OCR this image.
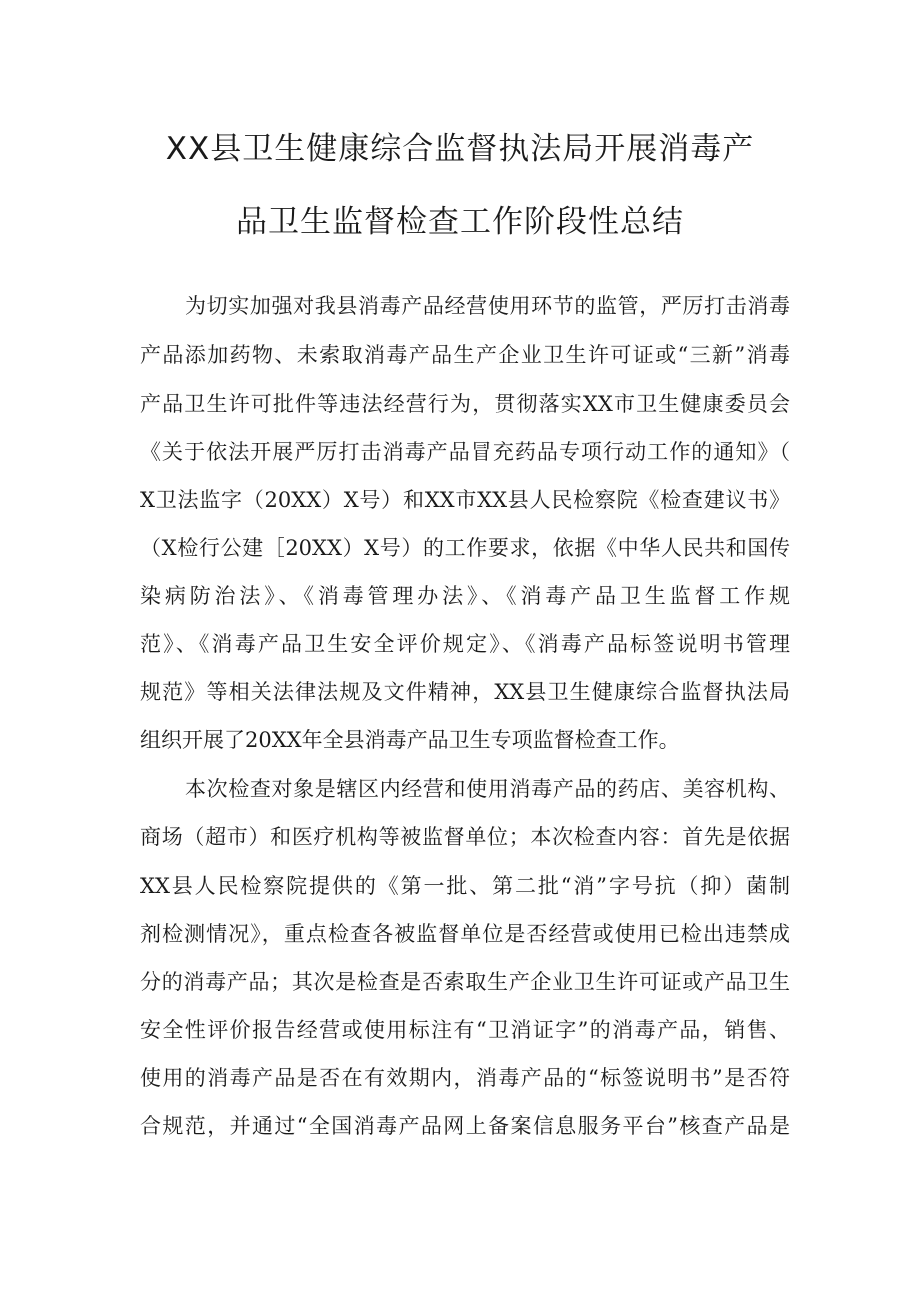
XX县卫生健康综合监督执法局开展消毒产
品卫生监督检查工作阶段性总结
为切实加强对我县消毒产品经营使用环节的监管，严厉打击消毒
产品添加药物、未索取消毒产品生产企业卫生许可证或“三新”消毒
产品卫生许可批件等违法经营行为，贯彻落实XX市卫生健康委员会
《关于依法开展严厉打击消毒产品冒充药品专项行动工作的通知》（
X卫法监字（20XX）X号）和XX市XX县人民检察院《检查建议书》
（X检行公建［20XX）X号）的工作要求，依据《中华人民共和国传
染病防治法》、《消毒管理办法》、《消毒产品卫生监督工作规
范》、《消毒产品卫生安全评价规定》、《消毒产品标签说明书管理
规范》等相关法律法规及文件精神，XX县卫生健康综合监督执法局
组织开展了20XX年全县消毒产品卫生专项监督检查工作。
本次检查对象是辖区内经营和使用消毒产品的药店、美容机构、
商场（超市）和医疗机构等被监督单位；本次检查内容：首先是依据
XX县人民检察院提供的《第一批、第二批“消”字号抗（抑）菌制
剂检测情况》，重点检查各被监督单位是否经营或使用已检出违禁成
分的消毒产品；其次是检查是否索取生产企业卫生许可证或产品卫生
安全性评价报告经营或使用标注有“卫消证字”的消毒产品，销售、
使用的消毒产品是否在有效期内，消毒产品的“标签说明书”是否符
合规范，并通过“全国消毒产品网上备案信息服务平台”核查产品是
